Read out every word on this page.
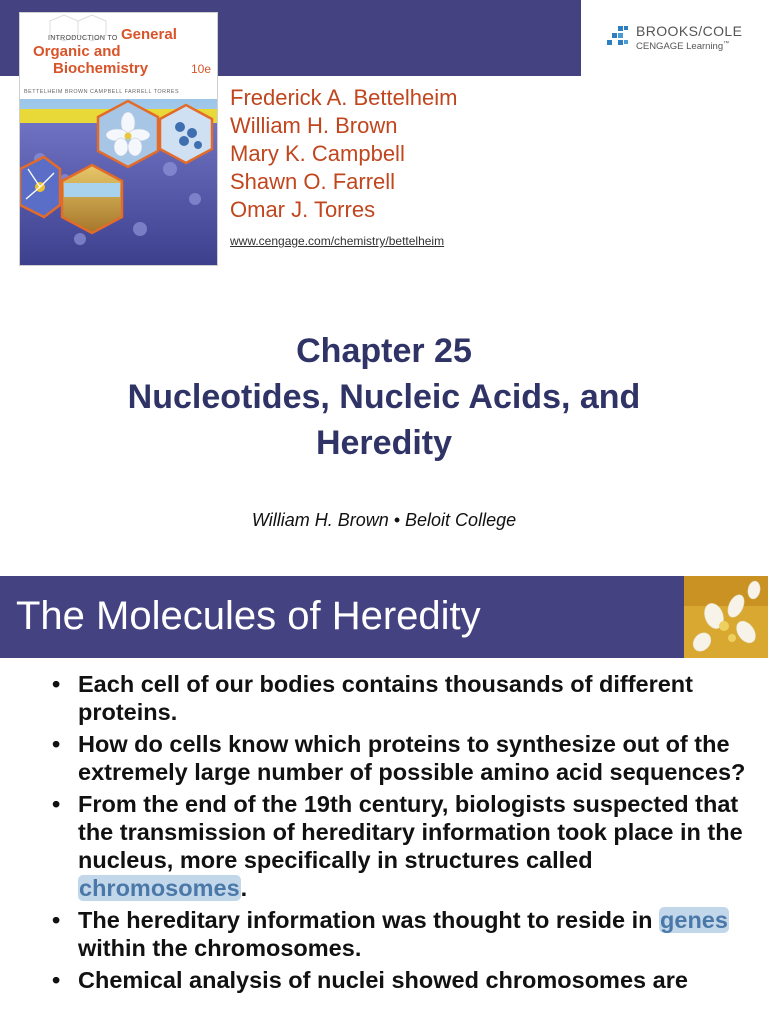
INTRODUCTION TO General
Organic and
Biochemistry	10e
BETTELHEIM BROWN CAMPBELL FARRELL TORRES Frederick A. Bettelheim
William H. Brown
Mary K. Campbell
Shawn O. Farrell
Omar J. Torres
www.cengage.com/chemistry/bettelheim
BROOKS/COLE
CENGAGE Learning™
Chapter 25
Nucleotides, Nucleic Acids, and Heredity
William H. Brown • Beloit College
The Molecules of Heredity
• Each cell of our bodies contains thousands of different proteins.
• How do cells know which proteins to synthesize out of the extremely large number of possible amino acid sequences?
• From the end of the 19th century, biologists suspected that the transmission of hereditary information took place in the nucleus, more specifically in structures called chromosomes.
• The hereditary information was thought to reside in genes within the chromosomes.
• Chemical analysis of nuclei showed chromosomes are
